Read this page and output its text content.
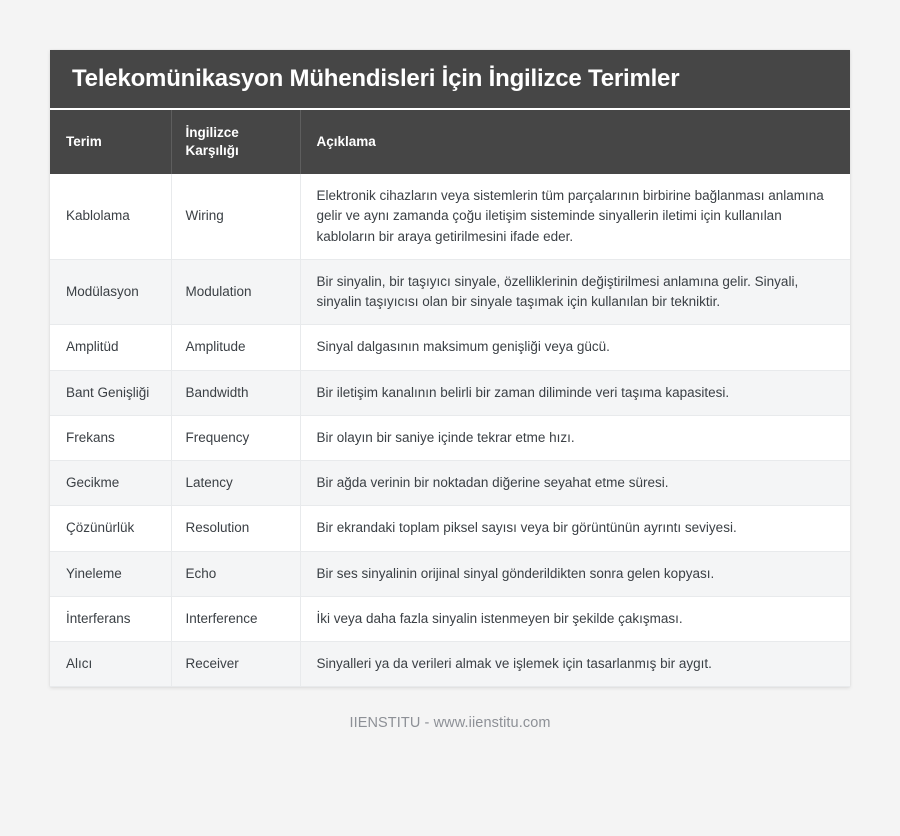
Telekomünikasyon Mühendisleri İçin İngilizce Terimler
Terim	İngilizce Karşılığı	Açıklama
Kablolama	Wiring	Elektronik cihazların veya sistemlerin tüm parçalarının birbirine bağlanması anlamına gelir ve aynı zamanda çoğu iletişim sisteminde sinyallerin iletimi için kullanılan kabloların bir araya getirilmesini ifade eder.
Modülasyon	Modulation	Bir sinyalin, bir taşıyıcı sinyale, özelliklerinin değiştirilmesi anlamına gelir. Sinyali, sinyalin taşıyıcısı olan bir sinyale taşımak için kullanılan bir tekniktir.
Amplitüd	Amplitude	Sinyal dalgasının maksimum genişliği veya gücü.
Bant Genişliği	Bandwidth	Bir iletişim kanalının belirli bir zaman diliminde veri taşıma kapasitesi.
Frekans	Frequency	Bir olayın bir saniye içinde tekrar etme hızı.
Gecikme	Latency	Bir ağda verinin bir noktadan diğerine seyahat etme süresi.
Çözünürlük	Resolution	Bir ekrandaki toplam piksel sayısı veya bir görüntünün ayrıntı seviyesi.
Yineleme	Echo	Bir ses sinyalinin orijinal sinyal gönderildikten sonra gelen kopyası.
İnterferans	Interference	İki veya daha fazla sinyalin istenmeyen bir şekilde çakışması.
Alıcı	Receiver	Sinyalleri ya da verileri almak ve işlemek için tasarlanmış bir aygıt.
IIENSTITU - www.iienstitu.com
